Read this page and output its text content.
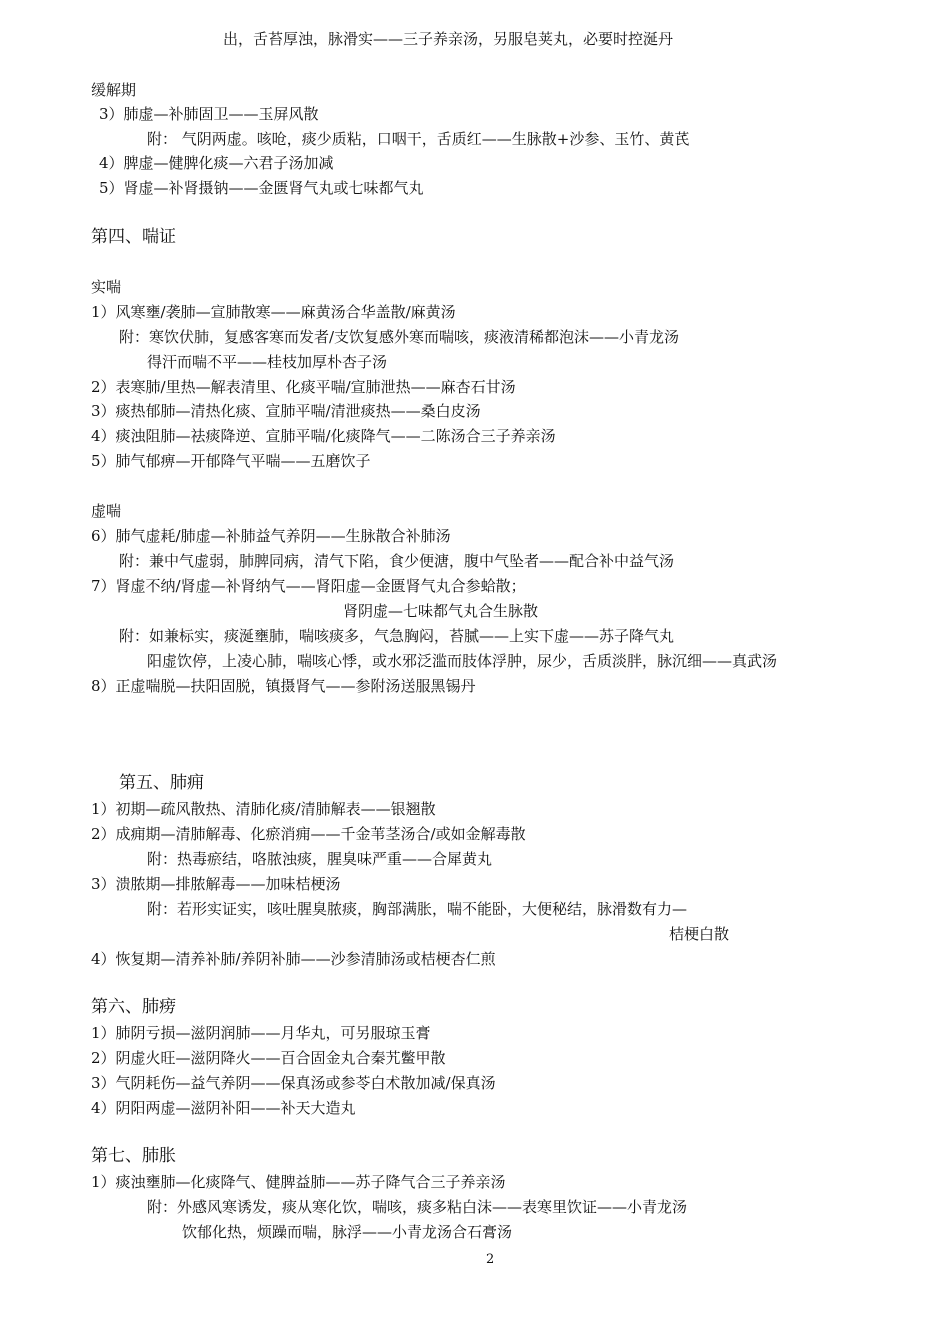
出，舌苔厚浊，脉滑实——三子养亲汤，另服皂荚丸，必要时控涎丹
缓解期
3）肺虚—补肺固卫——玉屏风散
附： 气阴两虚。咳呛，痰少质粘，口咽干，舌质红——生脉散+沙参、玉竹、黄芪
4）脾虚—健脾化痰—六君子汤加减
5）肾虚—补肾摄钠——金匮肾气丸或七味都气丸
第四、喘证
实喘
1）风寒壅/袭肺—宣肺散寒——麻黄汤合华盖散/麻黄汤
附：寒饮伏肺，复感客寒而发者/支饮复感外寒而喘咳，痰液清稀都泡沫——小青龙汤
得汗而喘不平——桂枝加厚朴杏子汤
2）表寒肺/里热—解表清里、化痰平喘/宣肺泄热——麻杏石甘汤
3）痰热郁肺—清热化痰、宣肺平喘/清泄痰热——桑白皮汤
4）痰浊阻肺—祛痰降逆、宣肺平喘/化痰降气——二陈汤合三子养亲汤
5）肺气郁痹—开郁降气平喘——五磨饮子
虚喘
6）肺气虚耗/肺虚—补肺益气养阴——生脉散合补肺汤
附：兼中气虚弱，肺脾同病，清气下陷，食少便溏，腹中气坠者——配合补中益气汤
7）肾虚不纳/肾虚—补肾纳气——肾阳虚—金匮肾气丸合参蛤散；
肾阴虚—七味都气丸合生脉散
附：如兼标实，痰涎壅肺，喘咳痰多，气急胸闷，苔腻——上实下虚——苏子降气丸
阳虚饮停，上凌心肺，喘咳心悸，或水邪泛滥而肢体浮肿，尿少，舌质淡胖，脉沉细——真武汤
8）正虚喘脱—扶阳固脱，镇摄肾气——参附汤送服黑锡丹
第五、肺痈
1）初期—疏风散热、清肺化痰/清肺解表——银翘散
2）成痈期—清肺解毒、化瘀消痈——千金苇茎汤合/或如金解毒散
附：热毒瘀结，咯脓浊痰，腥臭味严重——合犀黄丸
3）溃脓期—排脓解毒——加味桔梗汤
附：若形实证实，咳吐腥臭脓痰，胸部满胀，喘不能卧，大便秘结，脉滑数有力—
桔梗白散
4）恢复期—清养补肺/养阴补肺——沙参清肺汤或桔梗杏仁煎
第六、肺痨
1）肺阴亏损—滋阴润肺——月华丸，可另服琼玉膏
2）阴虚火旺—滋阴降火——百合固金丸合秦艽鳖甲散
3）气阴耗伤—益气养阴——保真汤或参苓白术散加减/保真汤
4）阴阳两虚—滋阴补阳——补天大造丸
第七、肺胀
1）痰浊壅肺—化痰降气、健脾益肺——苏子降气合三子养亲汤
附：外感风寒诱发，痰从寒化饮，喘咳，痰多粘白沫——表寒里饮证——小青龙汤
饮郁化热，烦躁而喘，脉浮——小青龙汤合石膏汤
2
